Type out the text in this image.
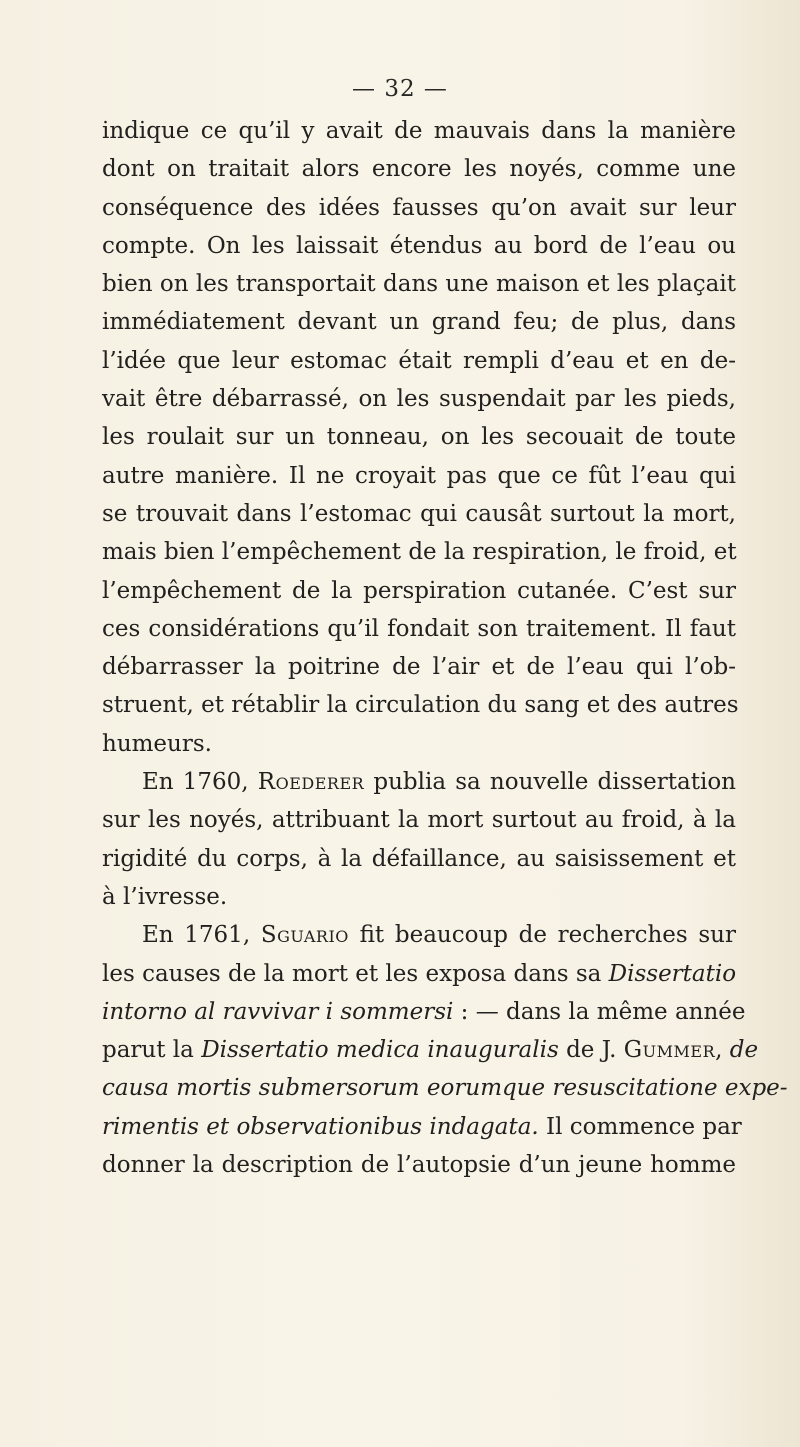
— 32 —
indique ce qu’il y avait de mauvais dans la manière
dont on traitait alors encore les noyés, comme une
conséquence des idées fausses qu’on avait sur leur
compte. On les laissait étendus au bord de l’eau ou
bien on les transportait dans une maison et les plaçait
immédiatement devant un grand feu; de plus, dans
l’idée que leur estomac était rempli d’eau et en de-
vait être débarrassé, on les suspendait par les pieds,
les roulait sur un tonneau, on les secouait de toute
autre manière. Il ne croyait pas que ce fût l’eau qui
se trouvait dans l’estomac qui causât surtout la mort,
mais bien l’empêchement de la respiration, le froid, et
l’empêchement de la perspiration cutanée. C’est sur
ces considérations qu’il fondait son traitement. Il faut
débarrasser la poitrine de l’air et de l’eau qui l’ob-
struent, et rétablir la circulation du sang et des autres
humeurs.
En 1760, Roederer publia sa nouvelle dissertation
sur les noyés, attribuant la mort surtout au froid, à la
rigidité du corps, à la défaillance, au saisissement et
à l’ivresse.
En 1761, Sguario fit beaucoup de recherches sur
les causes de la mort et les exposa dans sa Dissertatio
intorno al ravvivar i sommersi : — dans la même année
parut la Dissertatio medica inauguralis de J. Gummer, de
causa mortis submersorum eorumque resuscitatione expe-
rimentis et observationibus indagata. Il commence par
donner la description de l’autopsie d’un jeune homme
